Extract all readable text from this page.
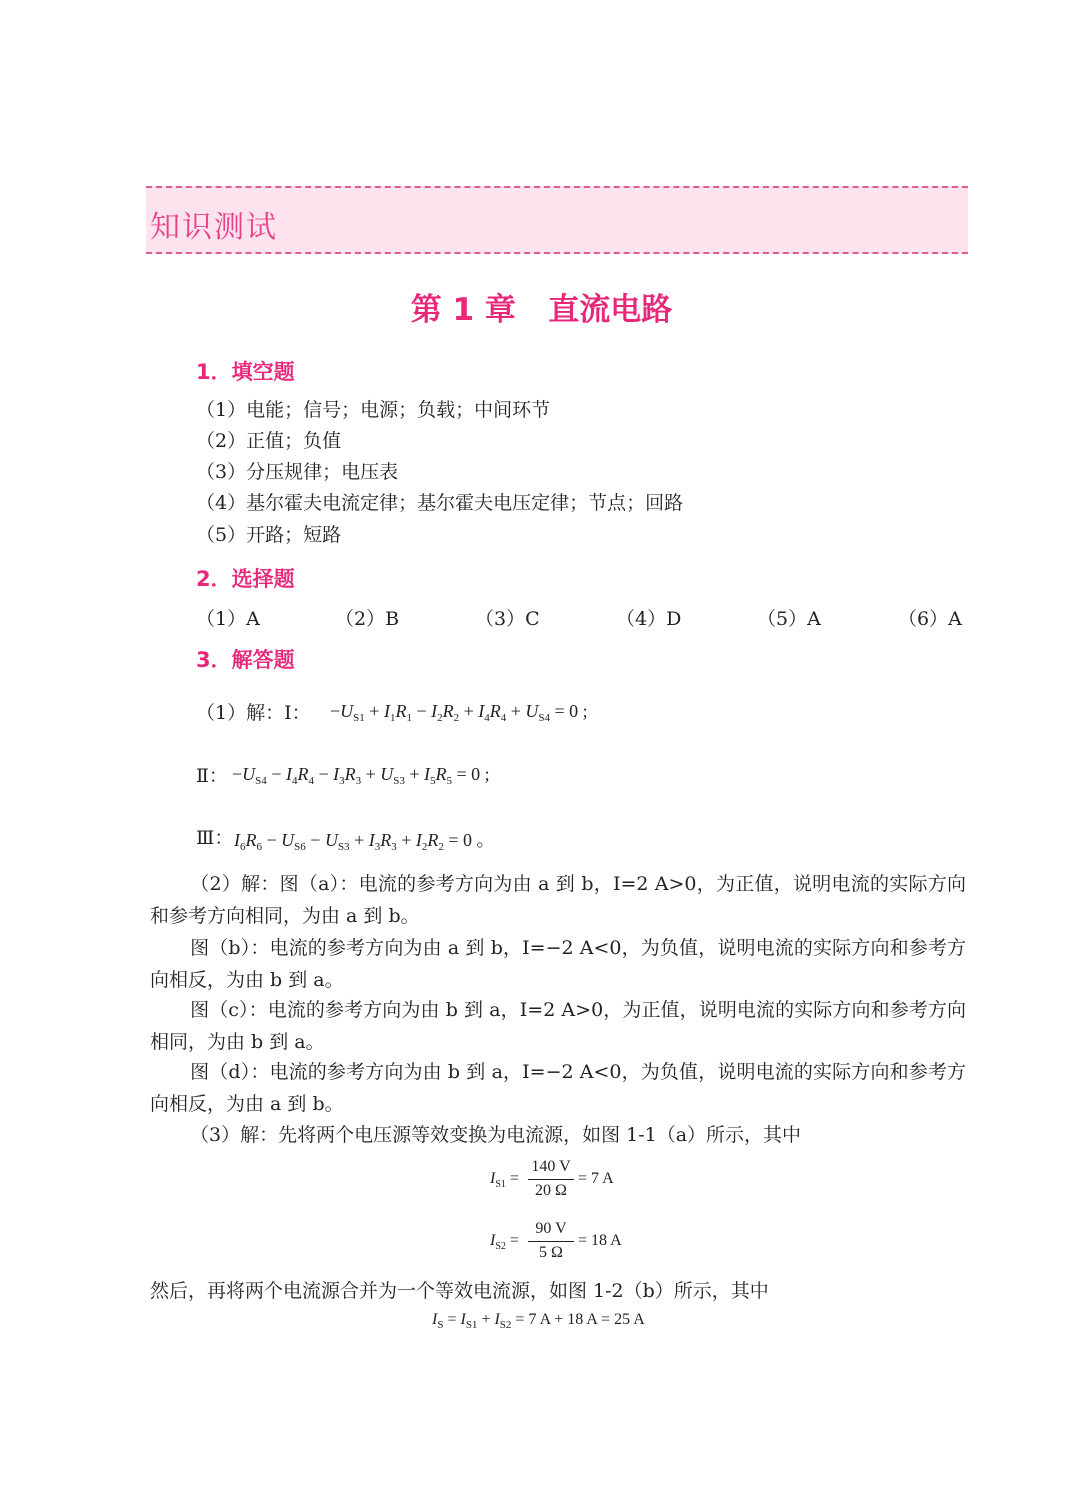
知识测试
第 1 章   直流电路
1．填空题
（1）电能；信号；电源；负载；中间环节
（2）正值；负值
（3）分压规律；电压表
（4）基尔霍夫电流定律；基尔霍夫电压定律；节点；回路
（5）开路；短路
2．选择题
（1）A	（2）B	（3）C	（4）D	（5）A	（6）A
3．解答题
（1）解：Ⅰ： $-U_{S1} + I_1R_1 - I_2R_2 + I_4R_4 + U_{S4} = 0$ ;
Ⅱ： $-U_{S4} - I_4R_4 - I_3R_3 + U_{S3} + I_5R_5 = 0$ ;
Ⅲ： $I_6R_6 - U_{S6} - U_{S3} + I_3R_3 + I_2R_2 = 0$ 。
（2）解：图（a）：电流的参考方向为由 a 到 b，I=2 A>0，为正值，说明电流的实际方向和参考方向相同，为由 a 到 b。
图（b）：电流的参考方向为由 a 到 b，I=−2 A<0，为负值，说明电流的实际方向和参考方向相反，为由 b 到 a。
图（c）：电流的参考方向为由 b 到 a，I=2 A>0，为正值，说明电流的实际方向和参考方向相同，为由 b 到 a。
图（d）：电流的参考方向为由 b 到 a，I=−2 A<0，为负值，说明电流的实际方向和参考方向相反，为由 a 到 b。
（3）解：先将两个电压源等效变换为电流源，如图 1-1（a）所示，其中
$I_{S1}$ =
140 V
20 Ω
= 7 A
$I_{S2}$ =
90 V
5 Ω
= 18 A
然后，再将两个电流源合并为一个等效电流源，如图 1-2（b）所示，其中
$I_S = I_{S1} + I_{S2} = 7$ A + 18 A = 25 A
